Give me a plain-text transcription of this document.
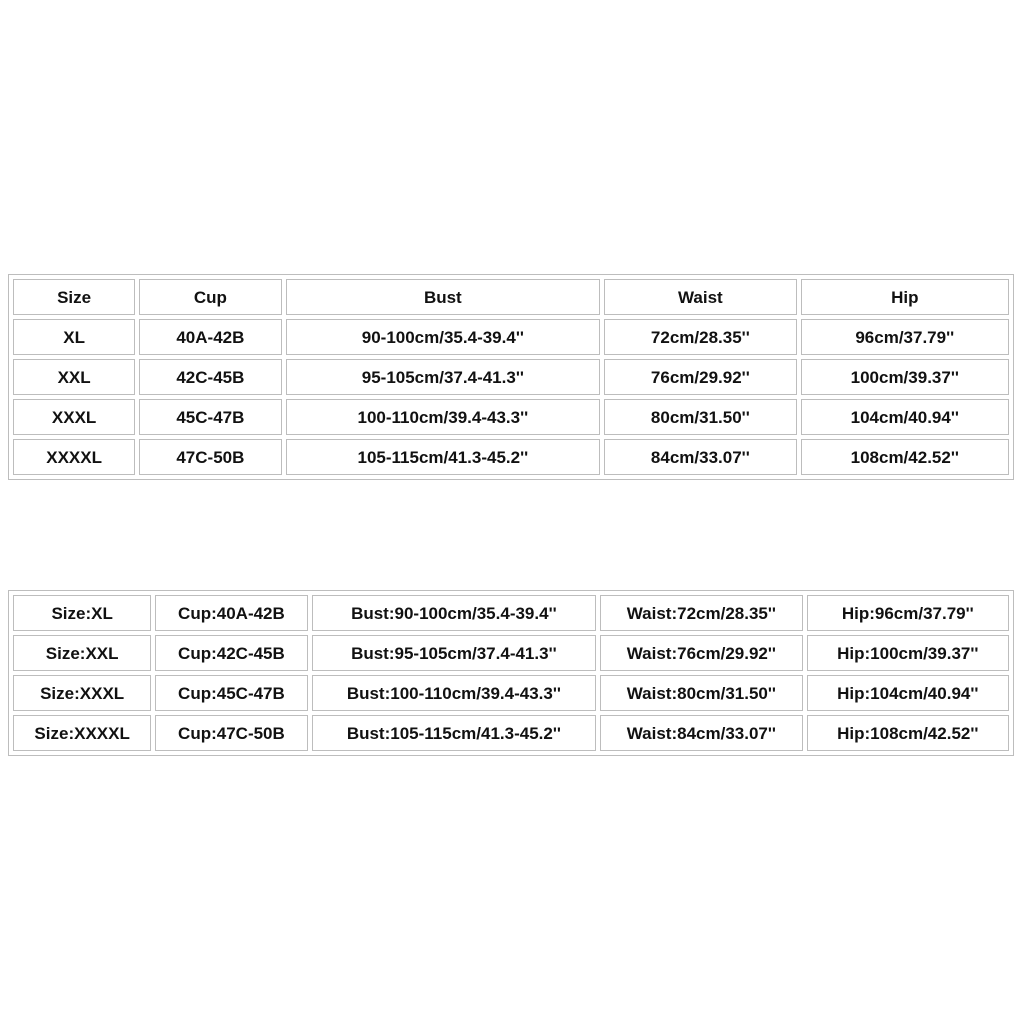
Size	Cup	Bust	Waist	Hip
XL	40A-42B	90-100cm/35.4-39.4''	72cm/28.35''	96cm/37.79''
XXL	42C-45B	95-105cm/37.4-41.3''	76cm/29.92''	100cm/39.37''
XXXL	45C-47B	100-110cm/39.4-43.3''	80cm/31.50''	104cm/40.94''
XXXXL	47C-50B	105-115cm/41.3-45.2''	84cm/33.07''	108cm/42.52''
Size:XL	Cup:40A-42B	Bust:90-100cm/35.4-39.4''	Waist:72cm/28.35''	Hip:96cm/37.79''
Size:XXL	Cup:42C-45B	Bust:95-105cm/37.4-41.3''	Waist:76cm/29.92''	Hip:100cm/39.37''
Size:XXXL	Cup:45C-47B	Bust:100-110cm/39.4-43.3''	Waist:80cm/31.50''	Hip:104cm/40.94''
Size:XXXXL	Cup:47C-50B	Bust:105-115cm/41.3-45.2''	Waist:84cm/33.07''	Hip:108cm/42.52''
